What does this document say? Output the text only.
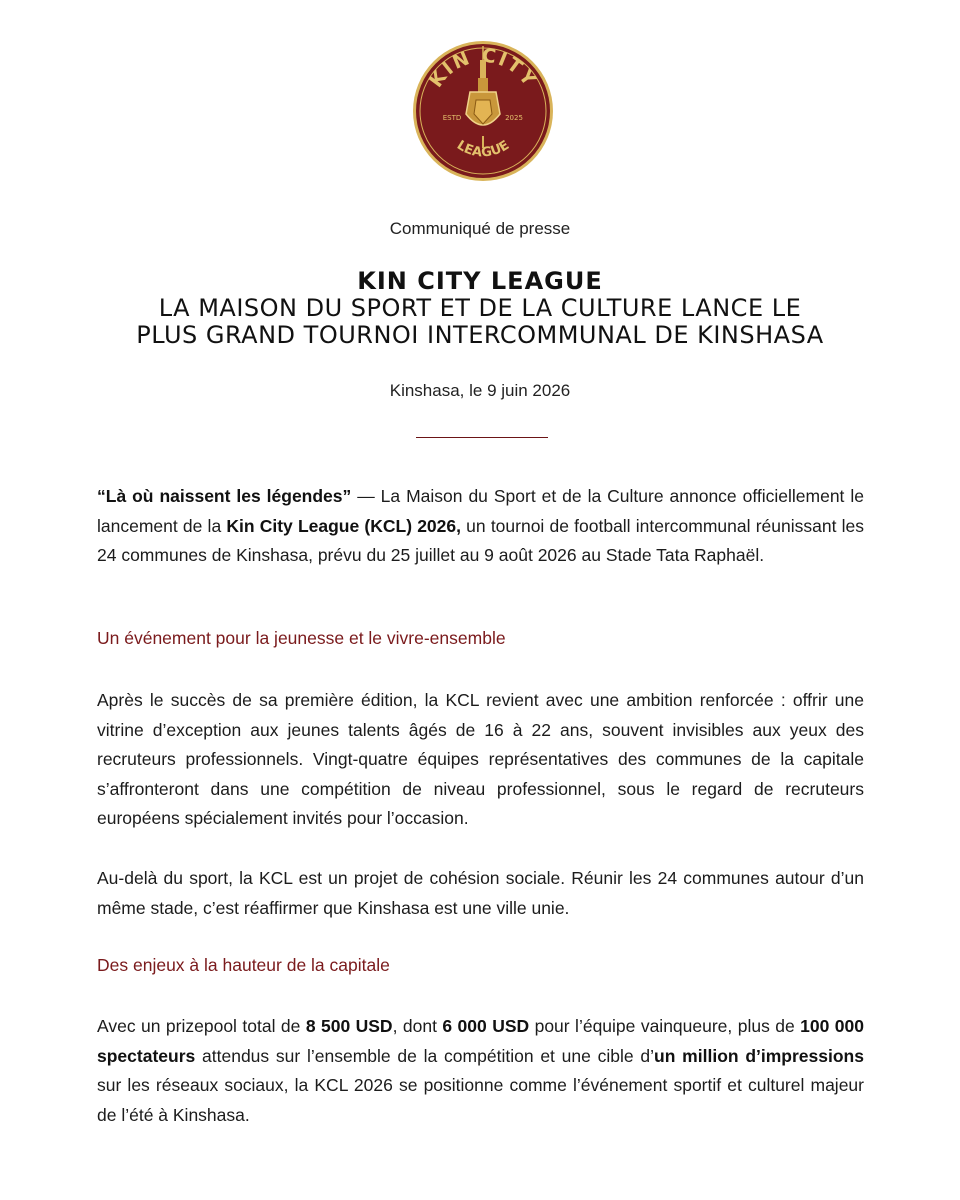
KIN CITY
ESTD	2025
LEAGUE
Communiqué de presse
KIN CITY LEAGUE
LA MAISON DU SPORT ET DE LA CULTURE LANCE LE
PLUS GRAND TOURNOI INTERCOMMUNAL DE KINSHASA
Kinshasa, le 9 juin 2026
“Là où naissent les légendes” — La Maison du Sport et de la Culture annonce officiellement le lancement de la Kin City League (KCL) 2026, un tournoi de football intercommunal réunissant les 24 communes de Kinshasa, prévu du 25 juillet au 9 août 2026 au Stade Tata Raphaël.
Un événement pour la jeunesse et le vivre-ensemble
Après le succès de sa première édition, la KCL revient avec une ambition renforcée : offrir une vitrine d’exception aux jeunes talents âgés de 16 à 22 ans, souvent invisibles aux yeux des recruteurs professionnels. Vingt-quatre équipes représentatives des communes de la capitale s’affronteront dans une compétition de niveau professionnel, sous le regard de recruteurs européens spécialement invités pour l’occasion.
Au-delà du sport, la KCL est un projet de cohésion sociale. Réunir les 24 communes autour d’un même stade, c’est réaffirmer que Kinshasa est une ville unie.
Des enjeux à la hauteur de la capitale
Avec un prizepool total de 8 500 USD, dont 6 000 USD pour l’équipe vainqueure, plus de 100 000 spectateurs attendus sur l’ensemble de la compétition et une cible d’un million d’impressions sur les réseaux sociaux, la KCL 2026 se positionne comme l’événement sportif et culturel majeur de l’été à Kinshasa.
